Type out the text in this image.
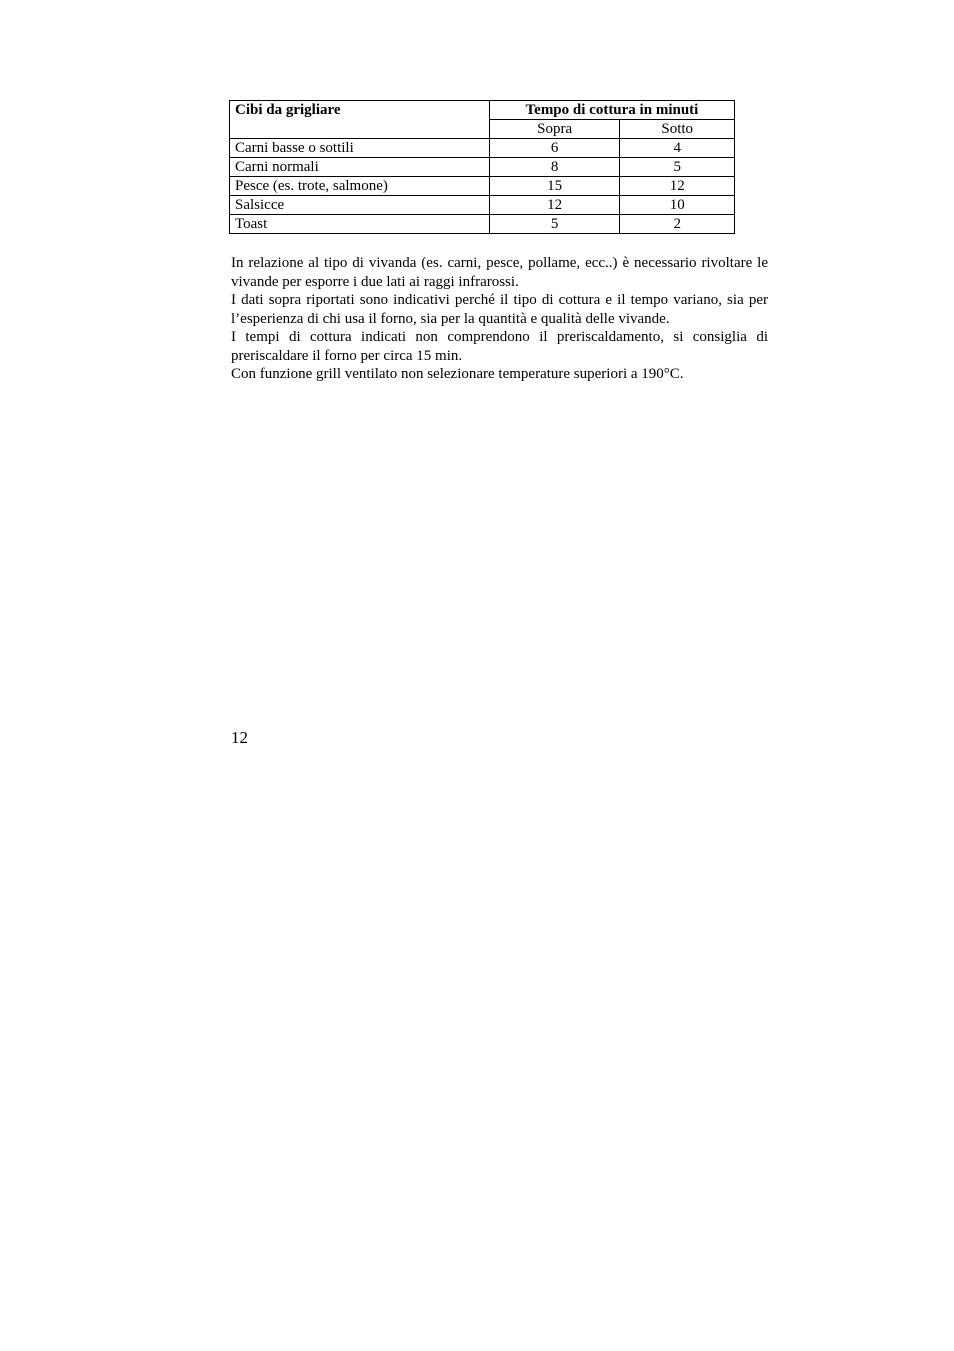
Cibi da grigliare	Tempo di cottura in minuti	
	Sopra	Sotto
Carni basse o sottili	6	4
Carni normali	8	5
Pesce (es. trote, salmone)	15	12
Salsicce	12	10
Toast	5	2

In relazione al tipo di vivanda (es. carni, pesce, pollame, ecc..) è necessario rivoltare le vivande per esporre i due lati ai raggi infrarossi.

I dati sopra riportati sono indicativi perché il tipo di cottura e il tempo variano, sia per l’esperienza di chi usa il forno, sia per la quantità e qualità delle vivande.

I tempi di cottura indicati non comprendono il preriscaldamento, si consiglia di preriscaldare il forno per circa 15 min.

Con funzione grill ventilato non selezionare temperature superiori a 190°C.

12
